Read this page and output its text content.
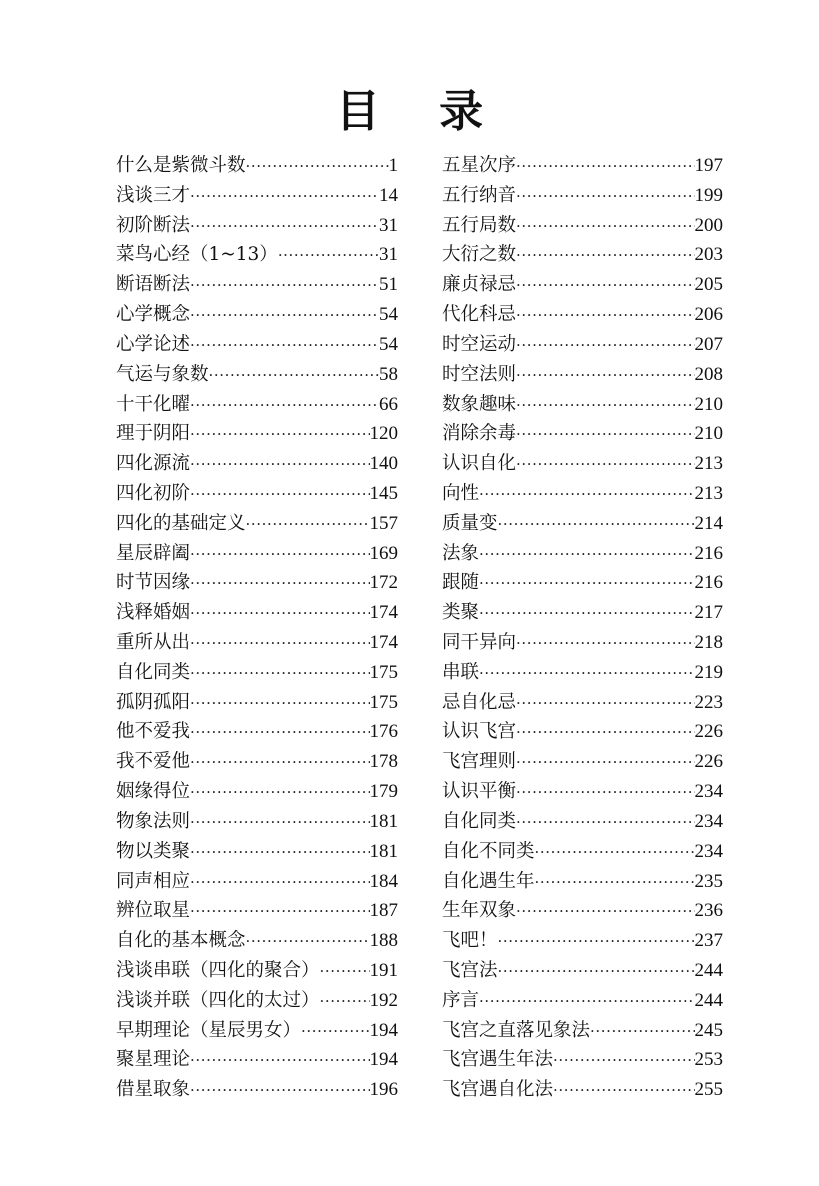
目 录
什么是紫微斗数 ·····	1
浅谈三才 ·····	14
初阶断法 ·····	31
菜鸟心经（1~13） ·····	31
断语断法 ·····	51
心学概念 ·····	54
心学论述 ·····	54
气运与象数 ·····	58
十干化曜 ·····	66
理于阴阳 ·····	120
四化源流 ·····	140
四化初阶 ·····	145
四化的基础定义 ·····	157
星辰辟阖 ·····	169
时节因缘 ·····	172
浅释婚姻 ·····	174
重所从出 ·····	174
自化同类 ·····	175
孤阴孤阳 ·····	175
他不爱我 ·····	176
我不爱他 ·····	178
姻缘得位 ·····	179
物象法则 ·····	181
物以类聚 ·····	181
同声相应 ·····	184
辨位取星 ·····	187
自化的基本概念 ·····	188
浅谈串联（四化的聚合） ·····	191
浅谈并联（四化的太过） ·····	192
早期理论（星辰男女） ·····	194
聚星理论 ·····	194
借星取象 ·····	196
五星次序 ·····	197
五行纳音 ·····	199
五行局数 ·····	200
大衍之数 ·····	203
廉贞禄忌 ·····	205
代化科忌 ·····	206
时空运动 ·····	207
时空法则 ·····	208
数象趣味 ·····	210
消除余毒 ·····	210
认识自化 ·····	213
向性 ·····	213
质量变 ·····	214
法象 ·····	216
跟随 ·····	216
类聚 ·····	217
同干异向 ·····	218
串联 ·····	219
忌自化忌 ·····	223
认识飞宫 ·····	226
飞宫理则 ·····	226
认识平衡 ·····	234
自化同类 ·····	234
自化不同类 ·····	234
自化遇生年 ·····	235
生年双象 ·····	236
飞吧！ ·····	237
飞宫法 ·····	244
序言 ·····	244
飞宫之直落见象法 ·····	245
飞宫遇生年法 ·····	253
飞宫遇自化法 ·····	255
